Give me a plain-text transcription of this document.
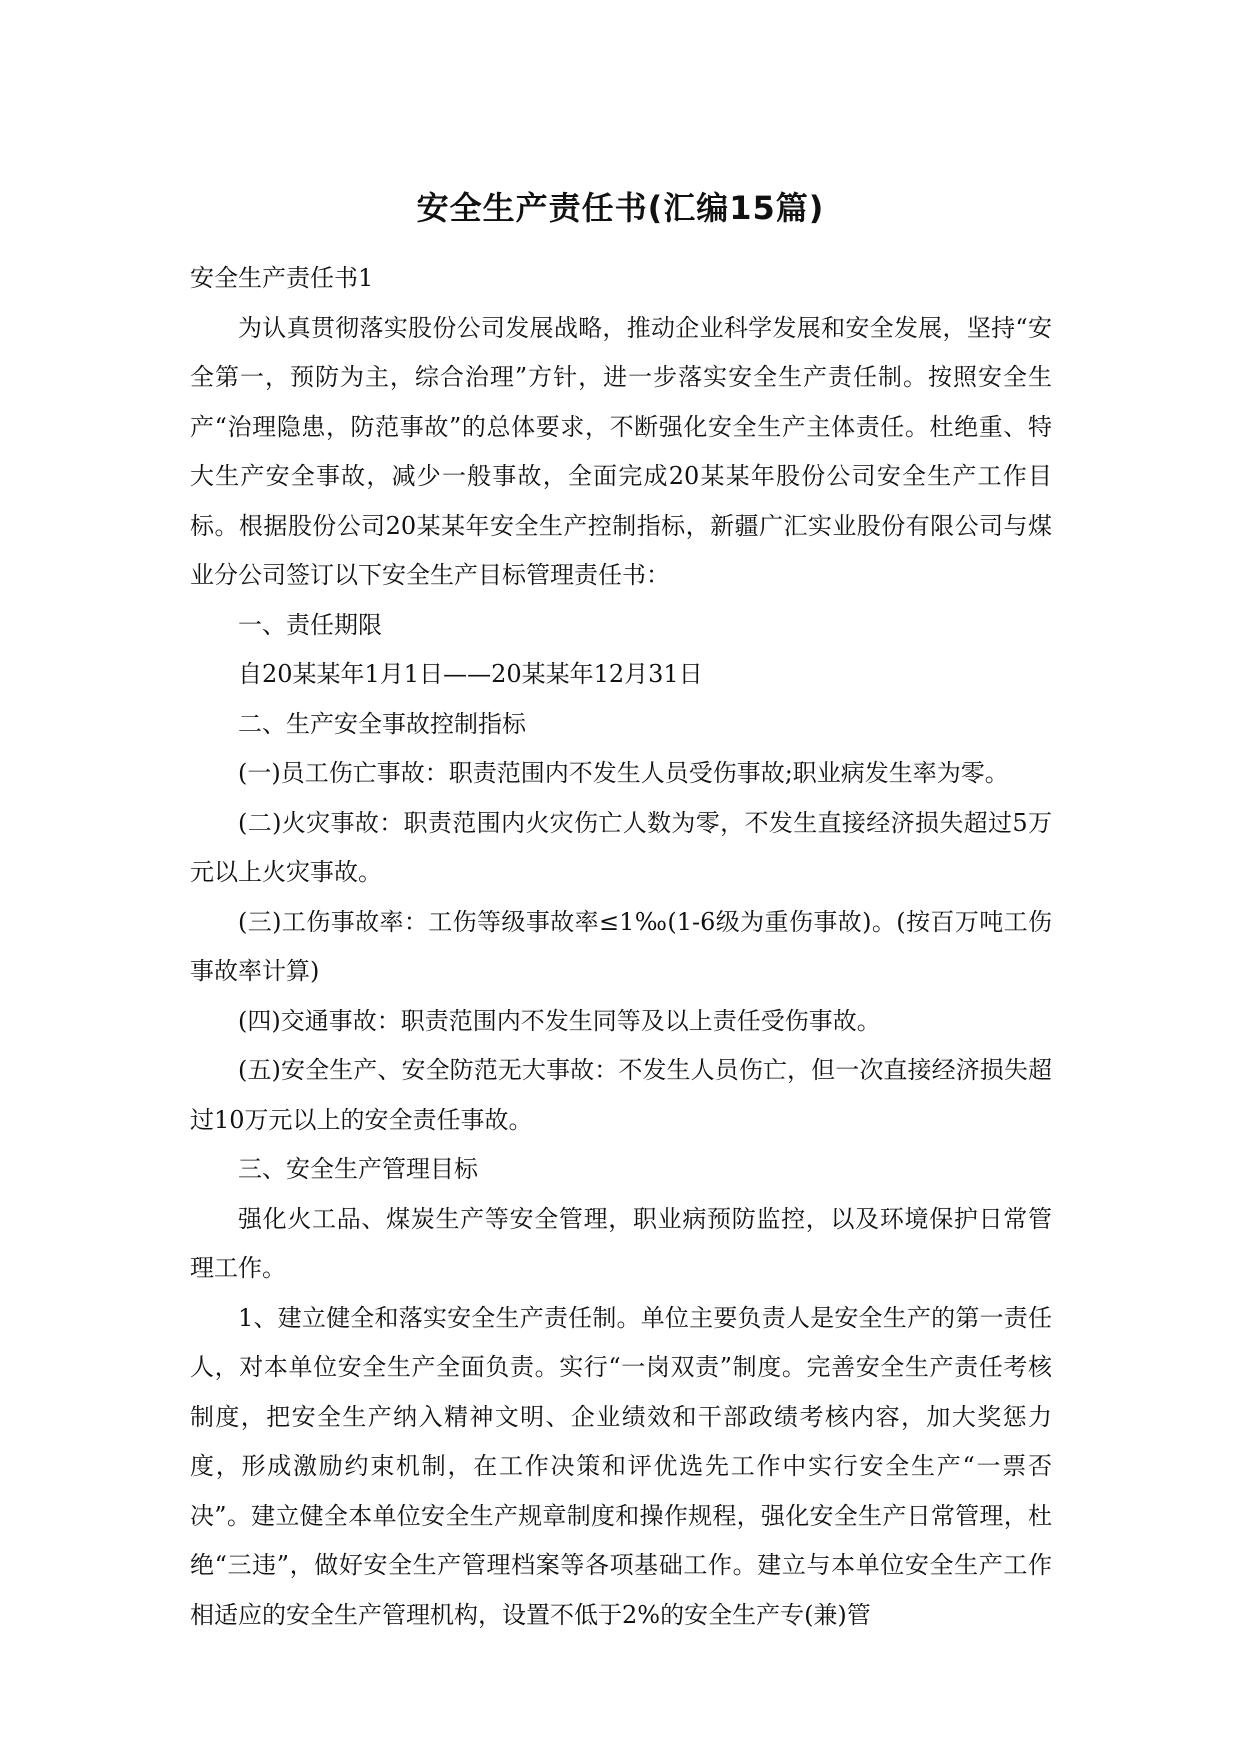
安全生产责任书(汇编15篇)

安全生产责任书1

为认真贯彻落实股份公司发展战略，推动企业科学发展和安全发展，坚持“安全第一，预防为主，综合治理”方针，进一步落实安全生产责任制。按照安全生产“治理隐患，防范事故”的总体要求，不断强化安全生产主体责任。杜绝重、特大生产安全事故，减少一般事故，全面完成20某某年股份公司安全生产工作目标。根据股份公司20某某年安全生产控制指标，新疆广汇实业股份有限公司与煤业分公司签订以下安全生产目标管理责任书：

一、责任期限

自20某某年1月1日——20某某年12月31日

二、生产安全事故控制指标

(一)员工伤亡事故：职责范围内不发生人员受伤事故;职业病发生率为零。

(二)火灾事故：职责范围内火灾伤亡人数为零，不发生直接经济损失超过5万元以上火灾事故。

(三)工伤事故率：工伤等级事故率≤1‰(1-6级为重伤事故)。(按百万吨工伤事故率计算)

(四)交通事故：职责范围内不发生同等及以上责任受伤事故。

(五)安全生产、安全防范无大事故：不发生人员伤亡，但一次直接经济损失超过10万元以上的安全责任事故。

三、安全生产管理目标

强化火工品、煤炭生产等安全管理，职业病预防监控，以及环境保护日常管理工作。

1、建立健全和落实安全生产责任制。单位主要负责人是安全生产的第一责任人，对本单位安全生产全面负责。实行“一岗双责”制度。完善安全生产责任考核制度，把安全生产纳入精神文明、企业绩效和干部政绩考核内容，加大奖惩力度，形成激励约束机制，在工作决策和评优选先工作中实行安全生产“一票否决”。建立健全本单位安全生产规章制度和操作规程，强化安全生产日常管理，杜绝“三违”，做好安全生产管理档案等各项基础工作。建立与本单位安全生产工作相适应的安全生产管理机构，设置不低于2%的安全生产专(兼)管
